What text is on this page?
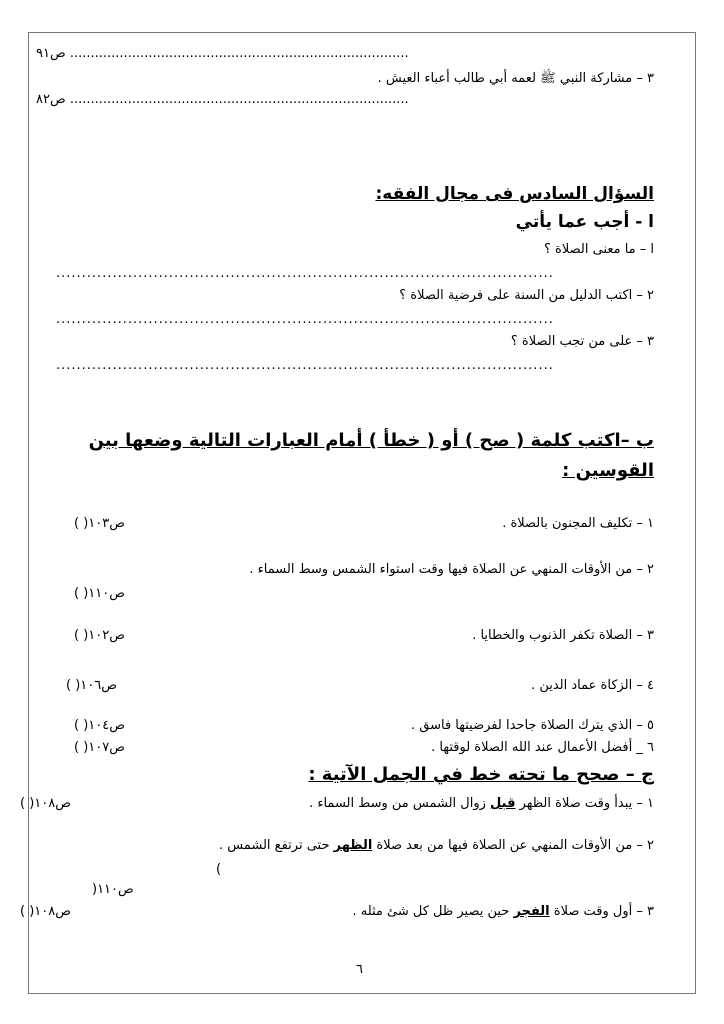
ص٩١ ..................................................................................
٣ – مشاركة النبي ﷺ لعمه أبي طالب أعباء العيش .
ص٨٢ ..................................................................................
السؤال السادس فى مجال الفقه:
ا - أجب عما يأتي
ا – ما معنى الصلاة ؟
.................................................................................................
٢ – اكتب الدليل من السنة على فرضية الصلاة ؟
.................................................................................................
٣ – على من تجب الصلاة ؟
.................................................................................................
ب –اكتب كلمة ( صح ) أو ( خطأ ) أمام العبارات التالية وضعها بين
القوسين :
١ – تكليف المجنون بالصلاة .
( )ص١٠٣
٢ – من الأوقات المنهي عن الصلاة فيها وقت استواء الشمس وسط السماء .
( )ص١١٠
٣ – الصلاة تكفر الذنوب والخطايا .
( )ص١٠٢
٤ – الزكاة عماد الدين .
( )ص١٠٦
٥ – الذي يترك الصلاة جاحدا لفرضيتها فاسق .
( )ص١٠٤
٦ _ أفضل الأعمال عند الله الصلاة لوقتها .
( )ص١٠٧
ج – صحح ما تحته خط في الجمل الآتية :
١ – يبدأ وقت صلاة الظهر قبل زوال الشمس من وسط السماء .
( )ص١٠٨
٢ – من الأوقات المنهي عن الصلاة فيها من بعد صلاة الظهر حتى ترتفع الشمس .
(
)ص١١٠
٣ – أول وقت صلاة الفجر حين يصير ظل كل شئ مثله .
( )ص١٠٨
٦
